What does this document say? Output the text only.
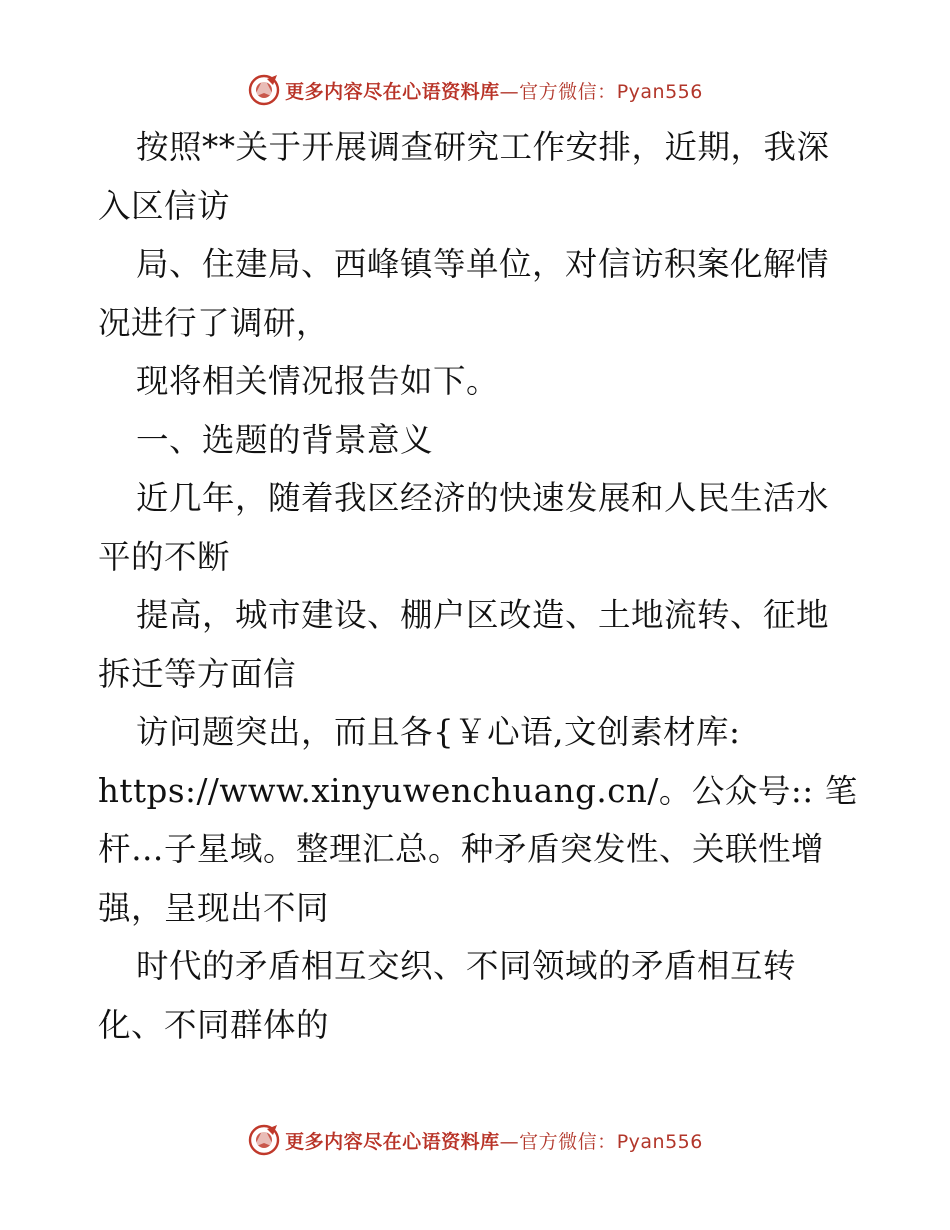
更多内容尽在心语资料库—官方微信：Pyan556
按照**关于开展调查研究工作安排，近期，我深
入区信访
局、住建局、西峰镇等单位，对信访积案化解情
况进行了调研，
现将相关情况报告如下。
一、选题的背景意义
近几年，随着我区经济的快速发展和人民生活水
平的不断
提高，城市建设、棚户区改造、土地流转、征地
拆迁等方面信
访问题突出，而且各{￥心语,文创素材库:
https://www.xinyuwenchuang.cn/。公众号:: 笔
杆…子星域。整理汇总。种矛盾突发性、关联性增
强，呈现出不同
时代的矛盾相互交织、不同领域的矛盾相互转
化、不同群体的
更多内容尽在心语资料库—官方微信：Pyan556
